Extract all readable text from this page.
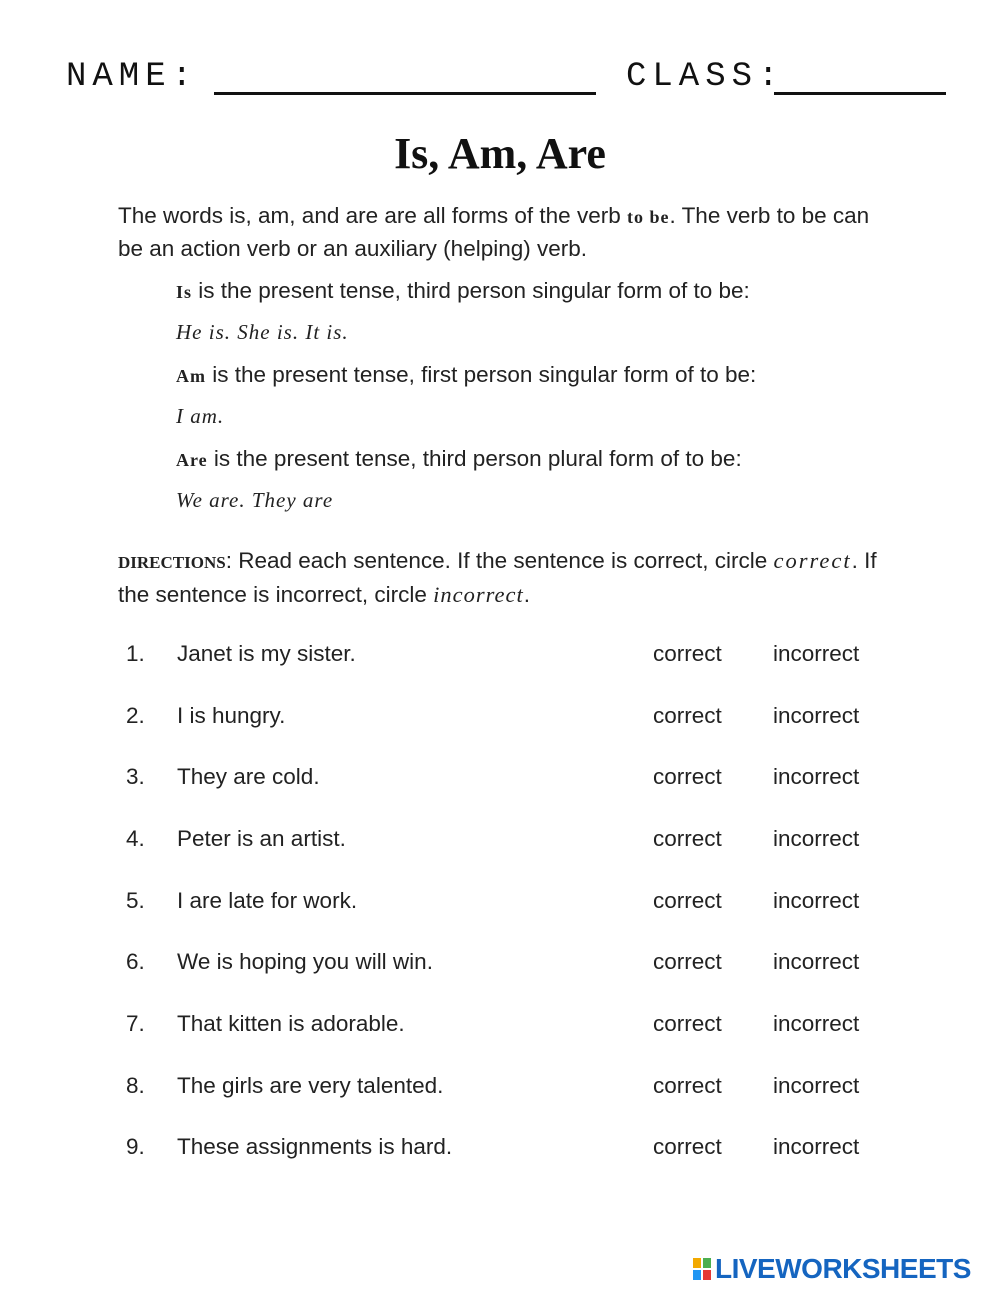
NAME:	CLASS:
Is, Am, Are
The words is, am, and are are all forms of the verb to be. The verb to be can be an action verb or an auxiliary (helping) verb.
Is is the present tense, third person singular form of to be:
He is. She is. It is.
Am is the present tense, first person singular form of to be:
I am.
Are is the present tense, third person plural form of to be:
We are. They are
DIRECTIONS: Read each sentence. If the sentence is correct, circle correct. If the sentence is incorrect, circle incorrect.
1. Janet is my sister.	correct incorrect
2. I is hungry.	correct incorrect
3. They are cold.	correct incorrect
4. Peter is an artist.	correct incorrect
5. I are late for work.	correct incorrect
6. We is hoping you will win.	correct incorrect
7. That kitten is adorable.	correct incorrect
8. The girls are very talented.	correct incorrect
9. These assignments is hard.	correct incorrect
LIVEWORKSHEETS
